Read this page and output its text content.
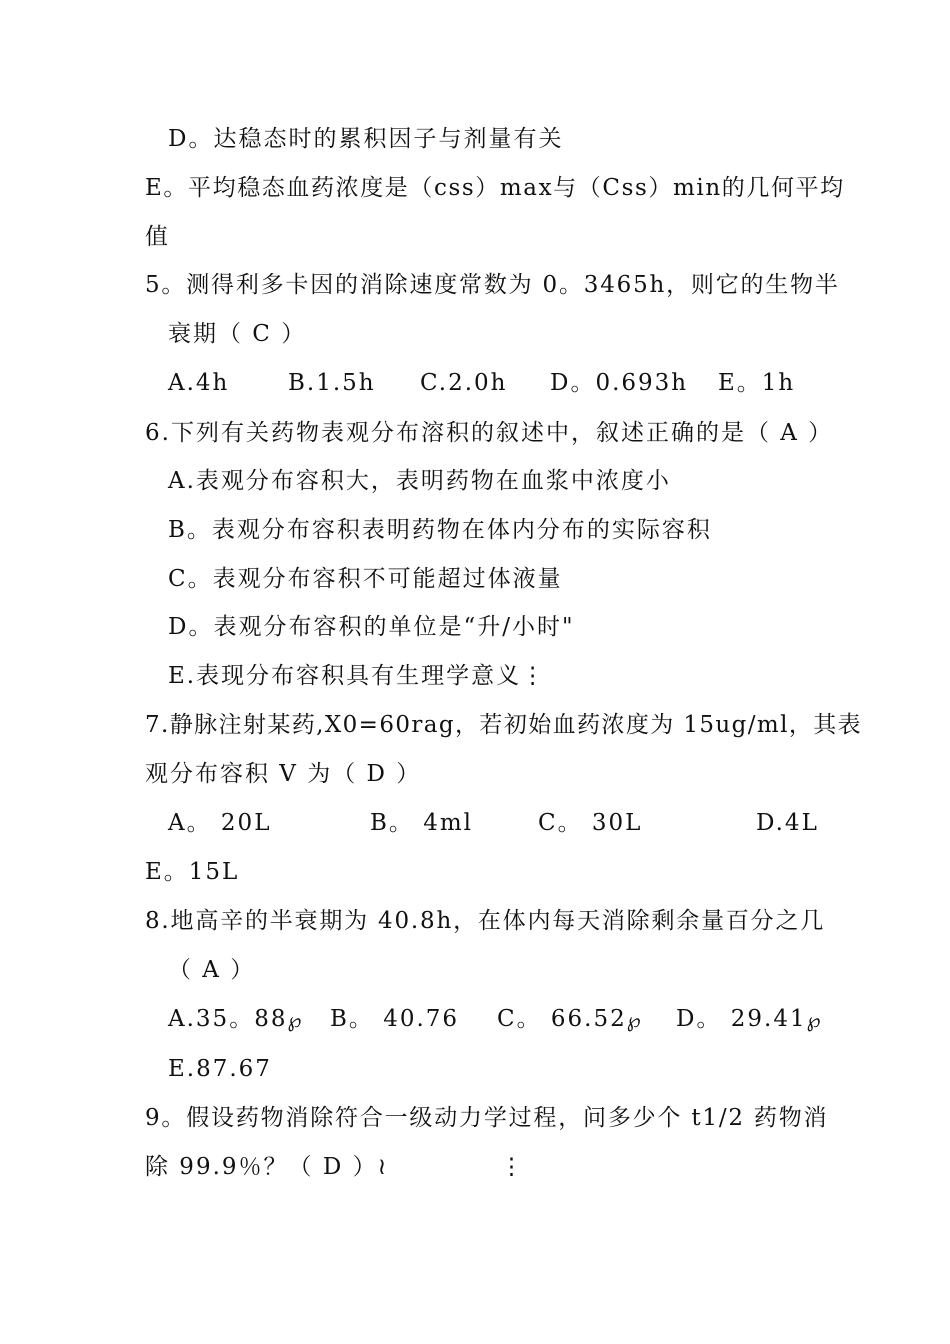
D。达稳态时的累积因子与剂量有关
E。平均稳态血药浓度是（css）max与（Css）min的几何平均
值
5。测得利多卡因的消除速度常数为 0。3465h，则它的生物半
衰期（ C ）
A.4h	B.1.5h C.2.0h D。0.693h E。1h
6.下列有关药物表观分布溶积的叙述中，叙述正确的是（ A ）
A.表观分布容积大，表明药物在血浆中浓度小
B。表观分布容积表明药物在体内分布的实际容积
C。表观分布容积不可能超过体液量
D。表观分布容积的单位是“升/小时"
E.表现分布容积具有生理学意义⋮
7.静脉注射某药,X0=60rag，若初始血药浓度为 15ug/ml，其表
观分布容积 V 为（ D ）
A。 20L	B。 4ml	C。 30L	D.4L
E。15L
8.地高辛的半衰期为 40.8h，在体内每天消除剩余量百分之几
（ A ）
A.35。88℘ B。 40.76 C。 66.52℘ D。 29.41℘
E.87.67
9。假设药物消除符合一级动力学过程，问多少个 t1/2 药物消
除 99.9％？（ D ）≀	⋮
